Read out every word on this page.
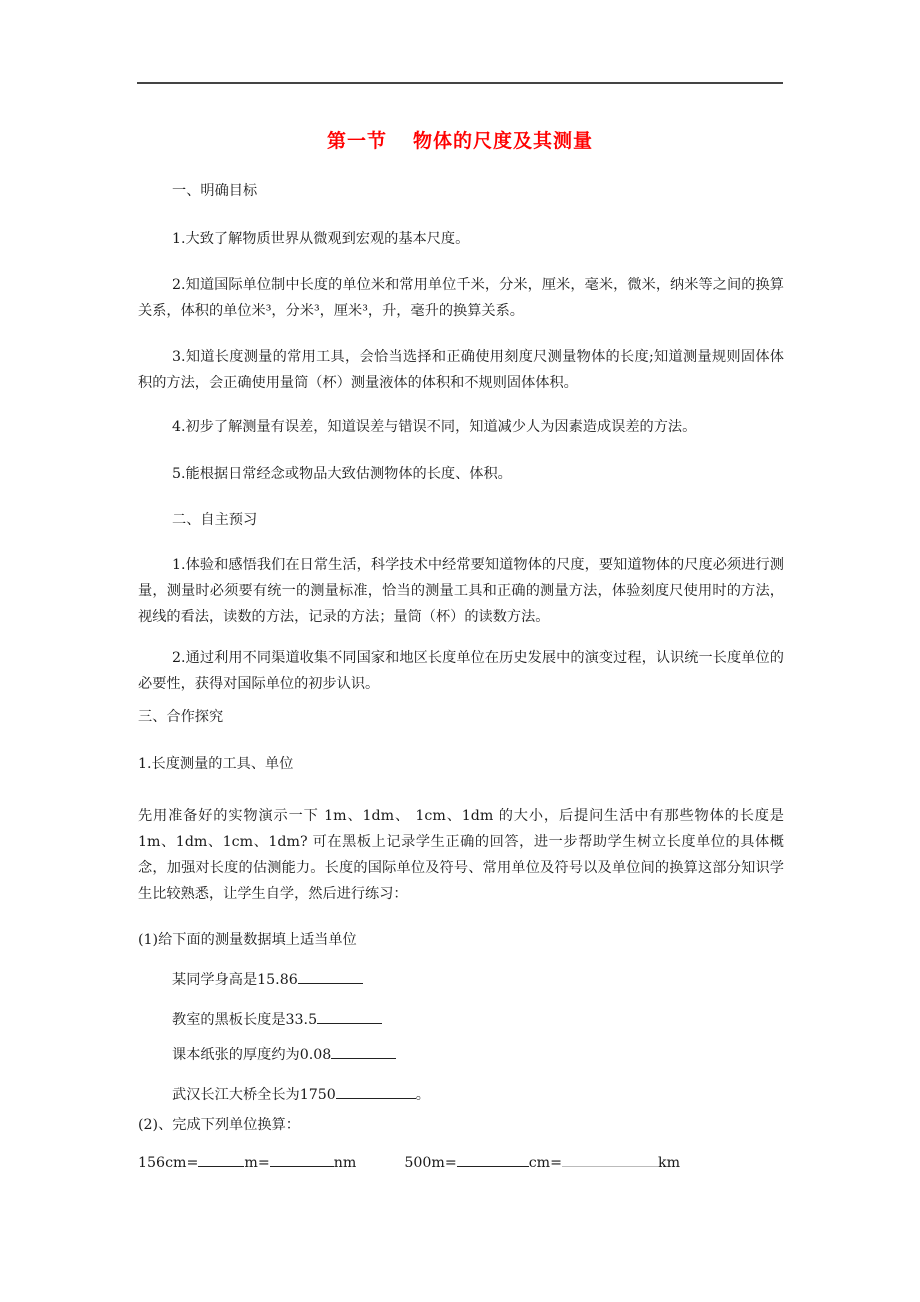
第一节 物体的尺度及其测量
一、明确目标
1.大致了解物质世界从微观到宏观的基本尺度。
2.知道国际单位制中长度的单位米和常用单位千米，分米，厘米，毫米，微米，纳米等之间的换算关系，体积的单位米³，分米³，厘米³，升，毫升的换算关系。
3.知道长度测量的常用工具，会恰当选择和正确使用刻度尺测量物体的长度;知道测量规则固体体积的方法，会正确使用量筒（杯）测量液体的体积和不规则固体体积。
4.初步了解测量有误差，知道误差与错误不同，知道减少人为因素造成误差的方法。
5.能根据日常经念或物品大致估测物体的长度、体积。
二、自主预习
1.体验和感悟我们在日常生活，科学技术中经常要知道物体的尺度，要知道物体的尺度必须进行测量，测量时必须要有统一的测量标准，恰当的测量工具和正确的测量方法，体验刻度尺使用时的方法，视线的看法，读数的方法，记录的方法；量筒（杯）的读数方法。
2.通过利用不同渠道收集不同国家和地区长度单位在历史发展中的演变过程，认识统一长度单位的必要性，获得对国际单位的初步认识。
三、合作探究
1.长度测量的工具、单位
先用准备好的实物演示一下 1m、1dm、 1cm、1dm 的大小，后提问生活中有那些物体的长度是1m、1dm、1cm、1dm? 可在黑板上记录学生正确的回答，进一步帮助学生树立长度单位的具体概念，加强对长度的估测能力。长度的国际单位及符号、常用单位及符号以及单位间的换算这部分知识学生比较熟悉，让学生自学，然后进行练习：
(1)给下面的测量数据填上适当单位
某同学身高是15.86
教室的黑板长度是33.5
课本纸张的厚度约为0.08
武汉长江大桥全长为1750	。
(2)、完成下列单位换算：
156cm=	m=	nm	500m=	cm=	km
